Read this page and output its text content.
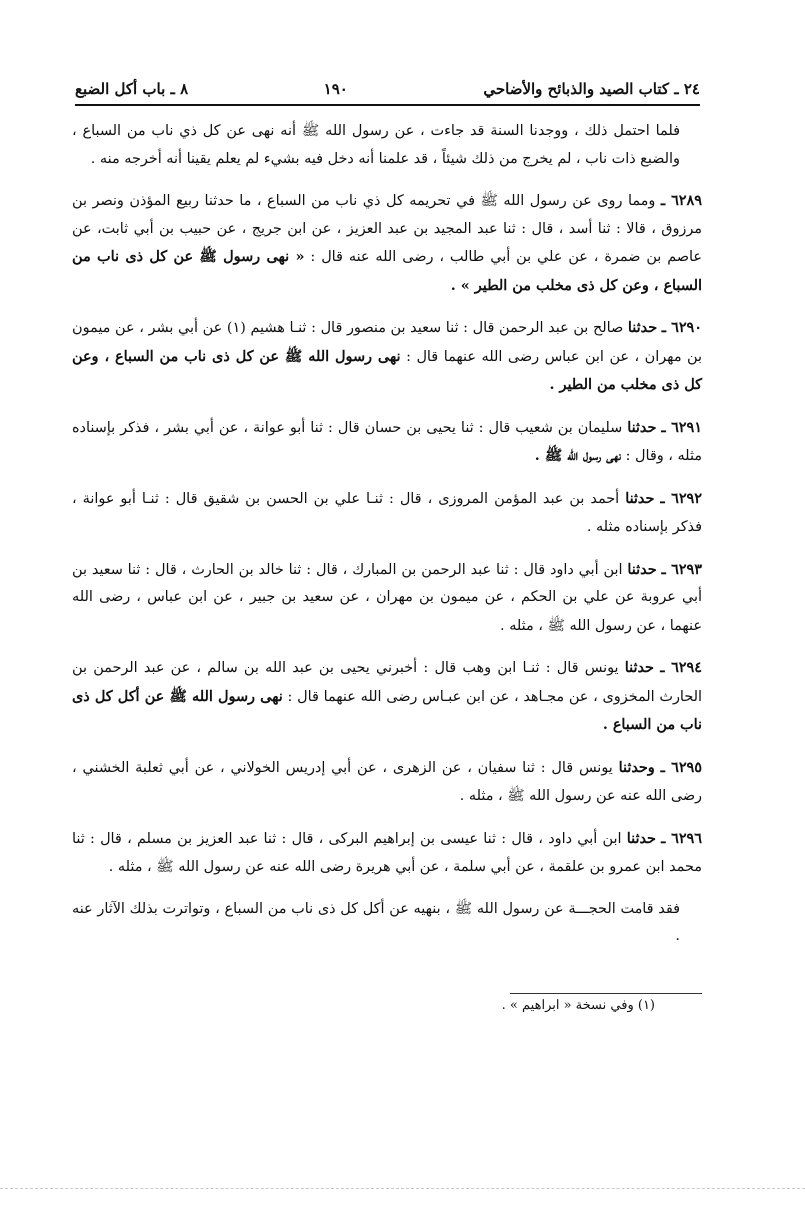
٢٤ ـ كتاب الصيد والذبائح والأضاحي
١٩٠
٨ ـ باب أكل الضبع

فلما احتمل ذلك ، ووجدنا السنة قد جاءت ، عن رسول الله ﷺ أنه نهى عن كل ذي ناب من السباع ، والضبع ذات ناب ، لم يخرج من ذلك شيئاً ، قد علمنا أنه دخل فيه بشيء لم يعلم يقينا أنه أخرجه منه .

٦٢٨٩ ـ ومما روى عن رسول الله ﷺ في تحريمه كل ذي ناب من السباع ، ما حدثنا ربيع المؤذن ونصر بن مرزوق ، قالا : ثنا أسد ، قال : ثنا عبد المجيد بن عبد العزيز ، عن ابن جريج ، عن حبيب بن أبي ثابت، عن عاصم بن ضمرة ، عن علي بن أبي طالب ، رضى الله عنه قال : « نهى رسول ﷺ عن كل ذى ناب من السباع ، وعن كل ذى مخلب من الطير » .

٦٢٩٠ ـ حدثنا صالح بن عبد الرحمن قال : ثنا سعيد بن منصور قال : ثنـا هشيم (١) عن أبي بشر ، عن ميمون بن مهران ، عن ابن عباس رضى الله عنهما قال : نهى رسول الله ﷺ عن كل ذى ناب من السباع ، وعن كل ذى مخلب من الطير .

٦٢٩١ ـ حدثنا سليمان بن شعيب قال : ثنا يحيى بن حسان قال : ثنا أبو عوانة ، عن أبي بشر ، فذكر بإسناده مثله ، وقال : نهى رسول الله ﷺ .

٦٢٩٢ ـ حدثنا أحمد بن عبد المؤمن المروزى ، قال : ثنـا علي بن الحسن بن شقيق قال : ثنـا أبو عوانة ، فذكر بإسناده مثله .

٦٢٩٣ ـ حدثنا ابن أبي داود قال : ثنا عبد الرحمن بن المبارك ، قال : ثنا خالد بن الحارث ، قال : ثنا سعيد بن أبي عروبة عن علي بن الحكم ، عن ميمون بن مهران ، عن سعيد بن جبير ، عن ابن عباس ، رضى الله عنهما ، عن رسول الله ﷺ ، مثله .

٦٢٩٤ ـ حدثنا يونس قال : ثنـا ابن وهب قال : أخبرني يحيى بن عبد الله بن سالم ، عن عبد الرحمن بن الحارث المخزوى ، عن مجـاهد ، عن ابن عبـاس رضى الله عنهما قال : نهى رسول الله ﷺ عن أكل كل ذى ناب من السباع .

٦٢٩٥ ـ وحدثنا يونس قال : ثنا سفيان ، عن الزهرى ، عن أبي إدريس الخولاني ، عن أبي ثعلبة الخشني ، رضى الله عنه عن رسول الله ﷺ ، مثله .

٦٢٩٦ ـ حدثنا ابن أبي داود ، قال : ثنا عيسى بن إبراهيم البركى ، قال : ثنا عبد العزيز بن مسلم ، قال : ثنا محمد ابن عمرو بن علقمة ، عن أبي سلمة ، عن أبي هريرة رضى الله عنه عن رسول الله ﷺ ، مثله .

فقد قامت الحجـــة عن رسول الله ﷺ ، بنهيه عن أكل كل ذى ناب من السباع ، وتواترت بذلك الآثار عنه .

(١) وفي نسخة « ابراهيم » .
